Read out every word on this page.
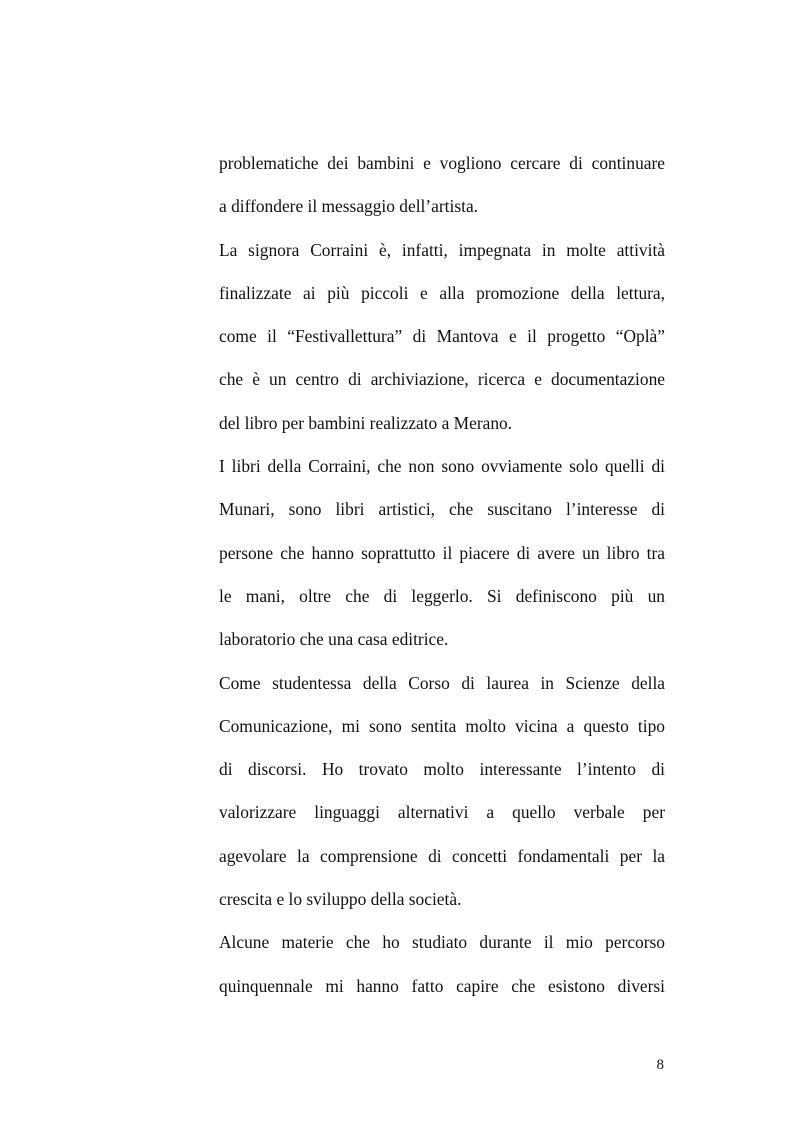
problematiche dei bambini e vogliono cercare di continuare
a diffondere il messaggio dell’artista.
La signora Corraini è, infatti, impegnata in molte attività
finalizzate ai più piccoli e alla promozione della lettura,
come il “Festivallettura” di Mantova e il progetto “Oplà”
che è un centro di archiviazione, ricerca e documentazione
del libro per bambini realizzato a Merano.
I libri della Corraini, che non sono ovviamente solo quelli di
Munari, sono libri artistici, che suscitano l’interesse di
persone che hanno soprattutto il piacere di avere un libro tra
le mani, oltre che di leggerlo. Si definiscono più un
laboratorio che una casa editrice.
Come studentessa della Corso di laurea in Scienze della
Comunicazione, mi sono sentita molto vicina a questo tipo
di discorsi. Ho trovato molto interessante l’intento di
valorizzare linguaggi alternativi a quello verbale per
agevolare la comprensione di concetti fondamentali per la
crescita e lo sviluppo della società.
Alcune materie che ho studiato durante il mio percorso
quinquennale mi hanno fatto capire che esistono diversi
8
